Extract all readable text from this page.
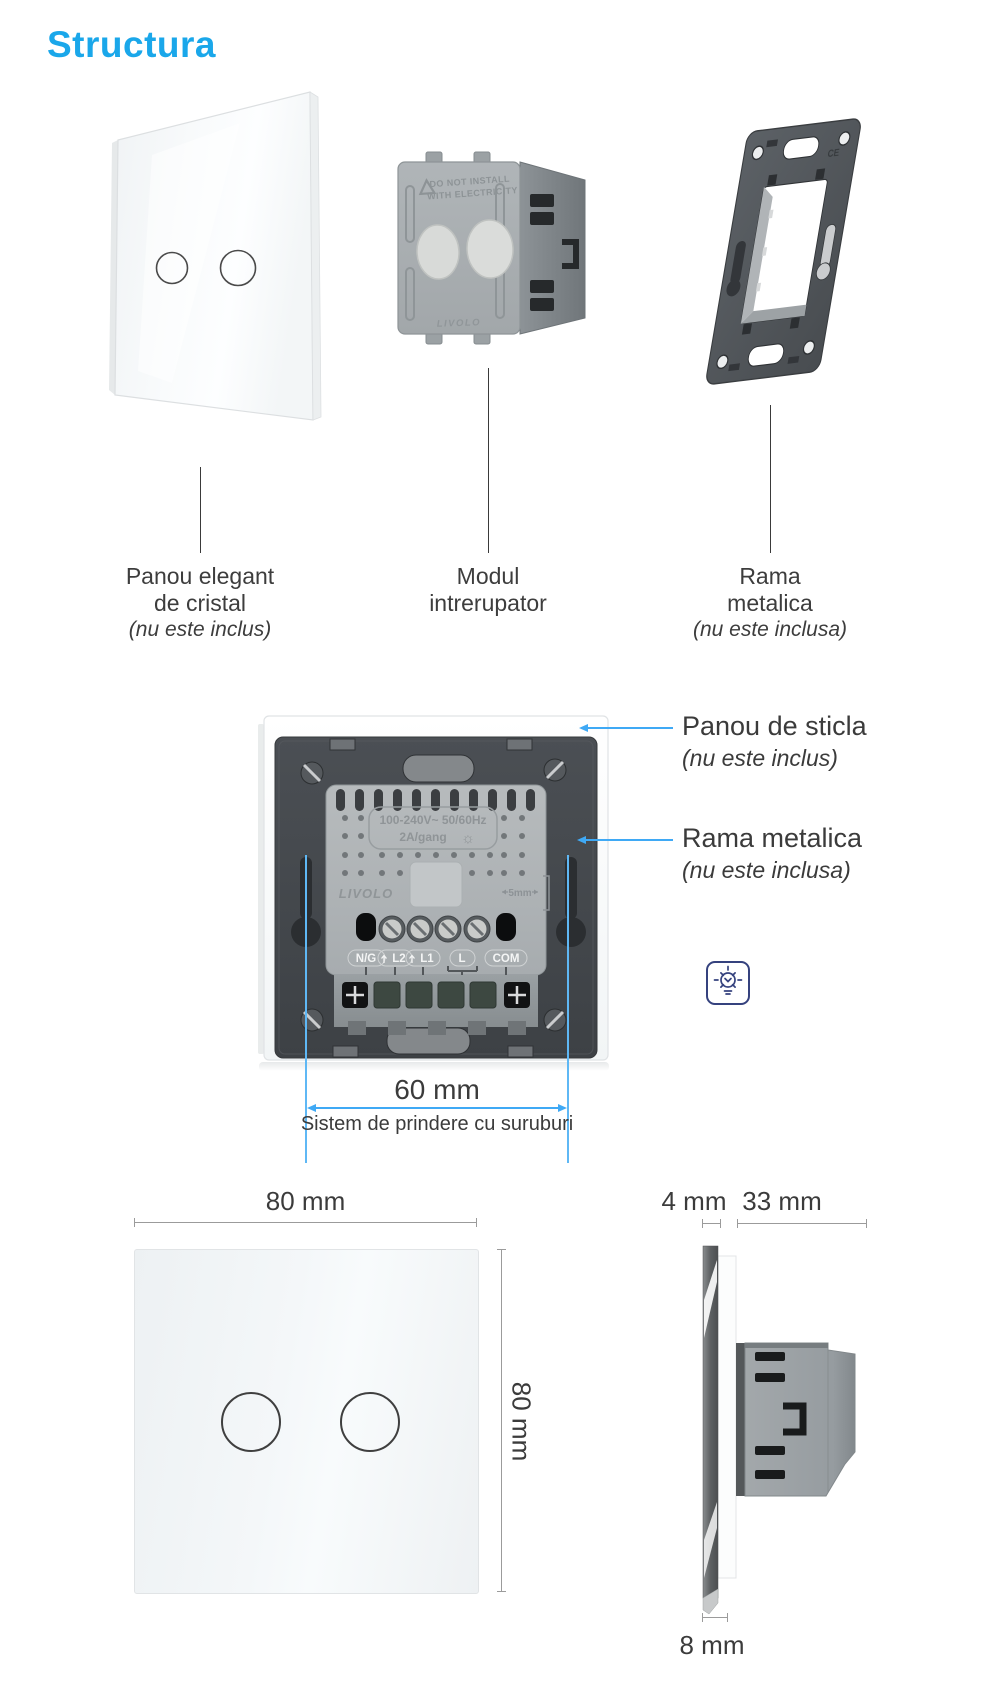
Structura
DO NOT INSTALL
WITH ELECTRICITY
LIVOLO
CE
Panou elegant
de cristal
(nu este inclus)
Modul
intrerupator
Rama
metalica
(nu este inclusa)
100-240V~ 50/60Hz
2A/gang ☼
LIVOLO	5mm
N/G L2 L1 L COM
60 mm
Sistem de prindere cu suruburi
Panou de sticla
(nu este inclus)
Rama metalica
(nu este inclusa)
80 mm
80 mm
4 mm 33 mm
8 mm
